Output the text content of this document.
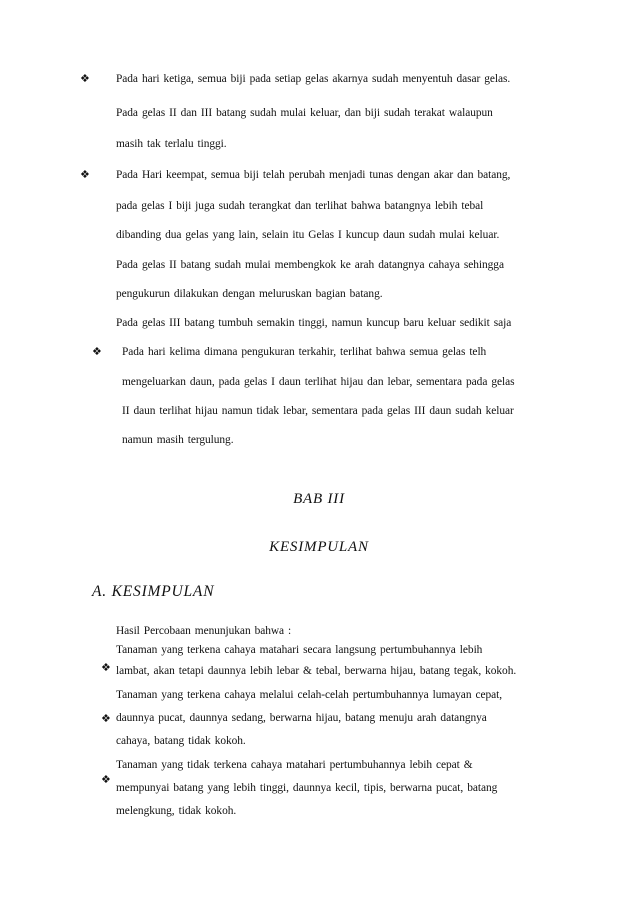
❖
❖
❖
❖
❖
❖
Pada hari ketiga, semua biji pada setiap gelas akarnya sudah menyentuh dasar gelas.
Pada gelas II dan III batang sudah mulai keluar, dan biji sudah terakat walaupun
masih tak terlalu tinggi.
Pada Hari keempat, semua biji telah perubah menjadi tunas dengan akar dan batang,
pada gelas I biji juga sudah terangkat dan terlihat bahwa batangnya lebih tebal
dibanding dua gelas yang lain, selain itu Gelas I kuncup daun sudah mulai keluar.
Pada gelas II batang sudah mulai membengkok ke arah datangnya cahaya sehingga
pengukurun dilakukan dengan meluruskan bagian batang.
Pada gelas III batang tumbuh semakin tinggi, namun kuncup baru keluar sedikit saja
Pada hari kelima dimana pengukuran terkahir, terlihat bahwa semua gelas telh
mengeluarkan daun, pada gelas I daun terlihat hijau dan lebar, sementara pada gelas
II daun terlihat hijau namun tidak lebar, sementara pada gelas III daun sudah keluar
namun masih tergulung.
BAB III
KESIMPULAN
A. KESIMPULAN
Hasil Percobaan menunjukan bahwa :
Tanaman yang terkena cahaya matahari secara langsung pertumbuhannya lebih
lambat, akan tetapi daunnya lebih lebar & tebal, berwarna hijau, batang tegak, kokoh.
Tanaman yang terkena cahaya melalui celah-celah pertumbuhannya lumayan cepat,
daunnya pucat, daunnya sedang, berwarna hijau, batang menuju arah datangnya
cahaya, batang tidak kokoh.
Tanaman yang tidak terkena cahaya matahari pertumbuhannya lebih cepat &
mempunyai batang yang lebih tinggi, daunnya kecil, tipis, berwarna pucat, batang
melengkung, tidak kokoh.
